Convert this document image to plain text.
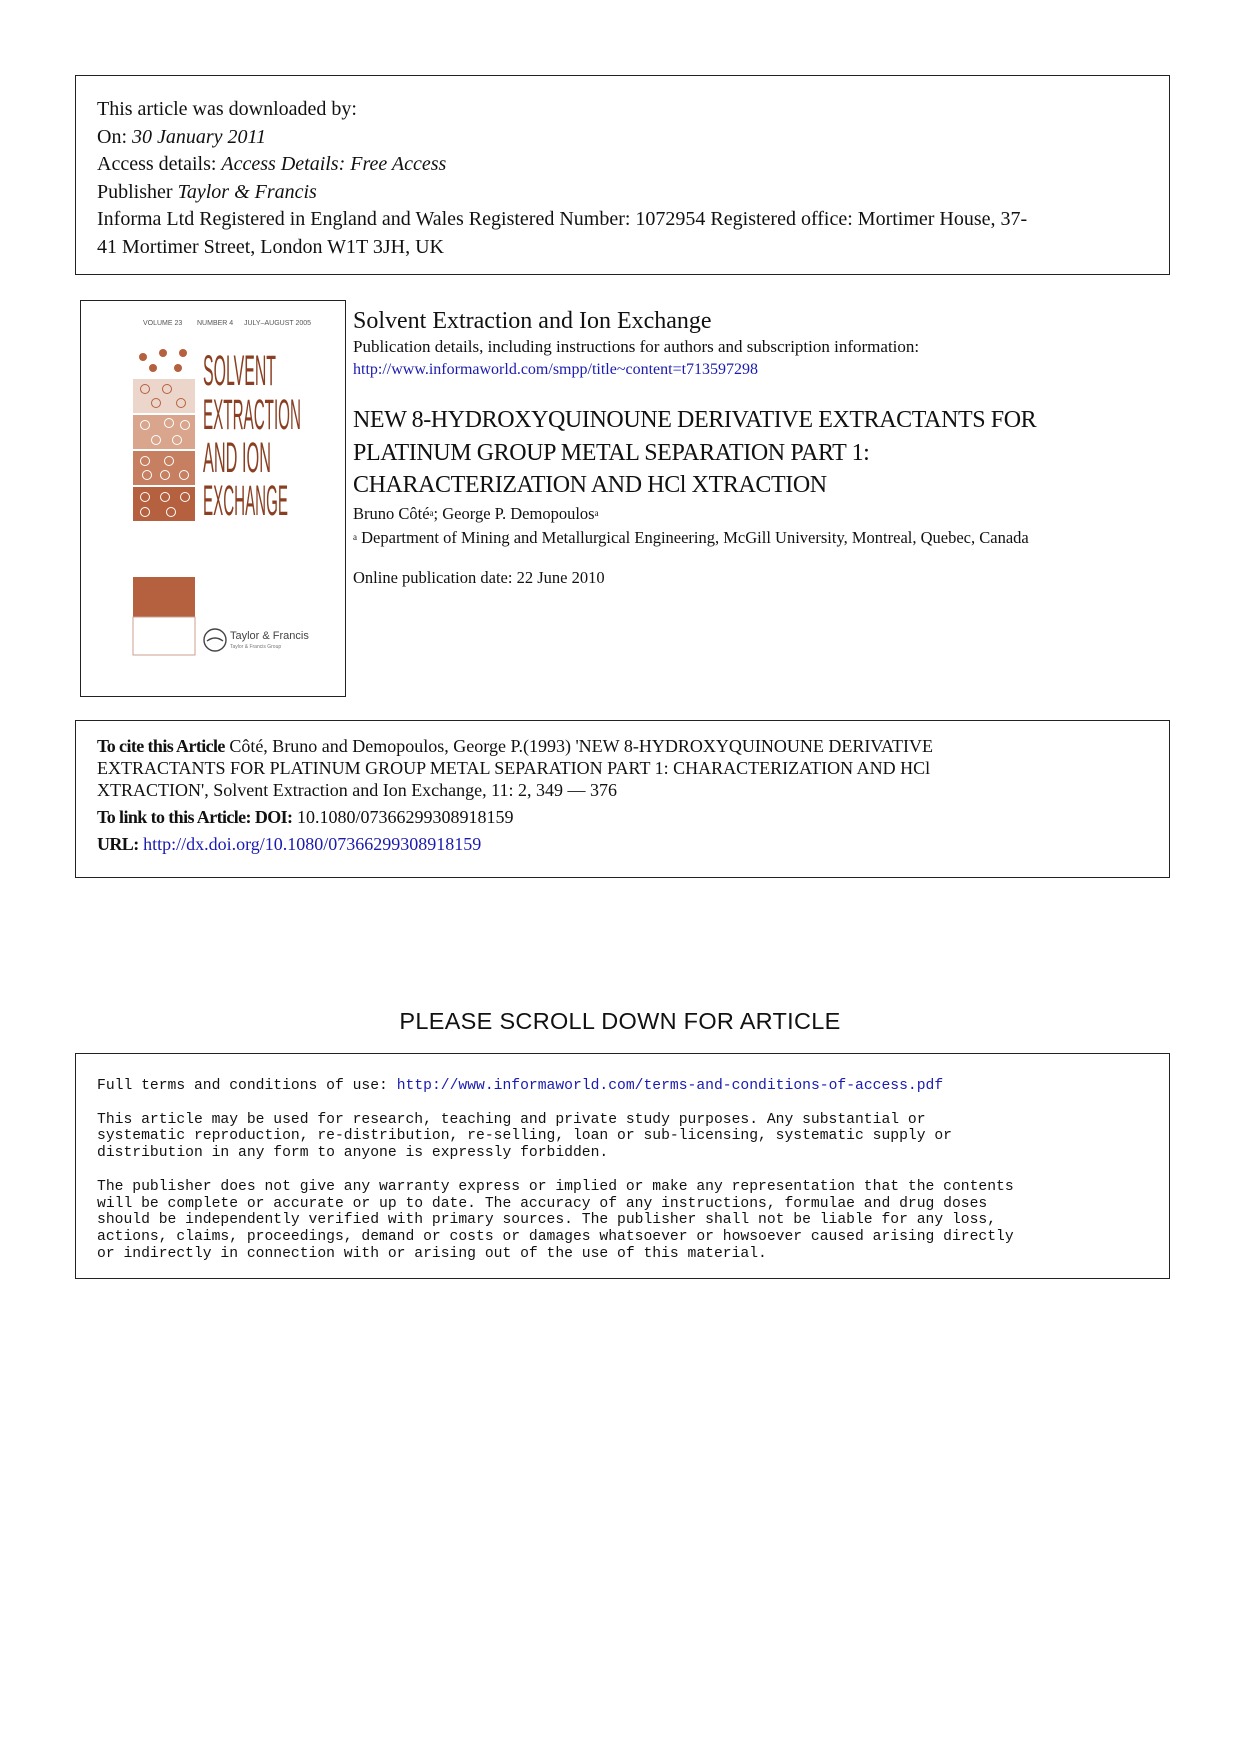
This article was downloaded by:
On: 30 January 2011
Access details: Access Details: Free Access
Publisher Taylor & Francis
Informa Ltd Registered in England and Wales Registered Number: 1072954 Registered office: Mortimer House, 37-
41 Mortimer Street, London W1T 3JH, UK
VOLUME 23 NUMBER 4 JULY–AUGUST 2005
SOLVENT
EXTRACTION
AND ION
EXCHANGE
Taylor & Francis
Taylor & Francis Group
Solvent Extraction and Ion Exchange
Publication details, including instructions for authors and subscription information:
http://www.informaworld.com/smpp/title~content=t713597298
NEW 8-HYDROXYQUINOUNE DERIVATIVE EXTRACTANTS FOR
PLATINUM GROUP METAL SEPARATION PART 1:
CHARACTERIZATION AND HCl XTRACTION
Bruno Côté$^a$; George P. Demopoulos$^a$
$^a$ Department of Mining and Metallurgical Engineering, McGill University, Montreal, Quebec, Canada
Online publication date: 22 June 2010
To cite this Article Côté, Bruno and Demopoulos, George P.(1993) 'NEW 8-HYDROXYQUINOUNE DERIVATIVE
EXTRACTANTS FOR PLATINUM GROUP METAL SEPARATION PART 1: CHARACTERIZATION AND HCl
XTRACTION', Solvent Extraction and Ion Exchange, 11: 2, 349 — 376
To link to this Article: DOI: 10.1080/07366299308918159
URL: http://dx.doi.org/10.1080/07366299308918159
PLEASE SCROLL DOWN FOR ARTICLE

Full terms and conditions of use: http://www.informaworld.com/terms-and-conditions-of-access.pdf

This article may be used for research, teaching and private study purposes. Any substantial or
systematic reproduction, re-distribution, re-selling, loan or sub-licensing, systematic supply or
distribution in any form to anyone is expressly forbidden.

The publisher does not give any warranty express or implied or make any representation that the contents
will be complete or accurate or up to date. The accuracy of any instructions, formulae and drug doses
should be independently verified with primary sources. The publisher shall not be liable for any loss,
actions, claims, proceedings, demand or costs or damages whatsoever or howsoever caused arising directly
or indirectly in connection with or arising out of the use of this material.
